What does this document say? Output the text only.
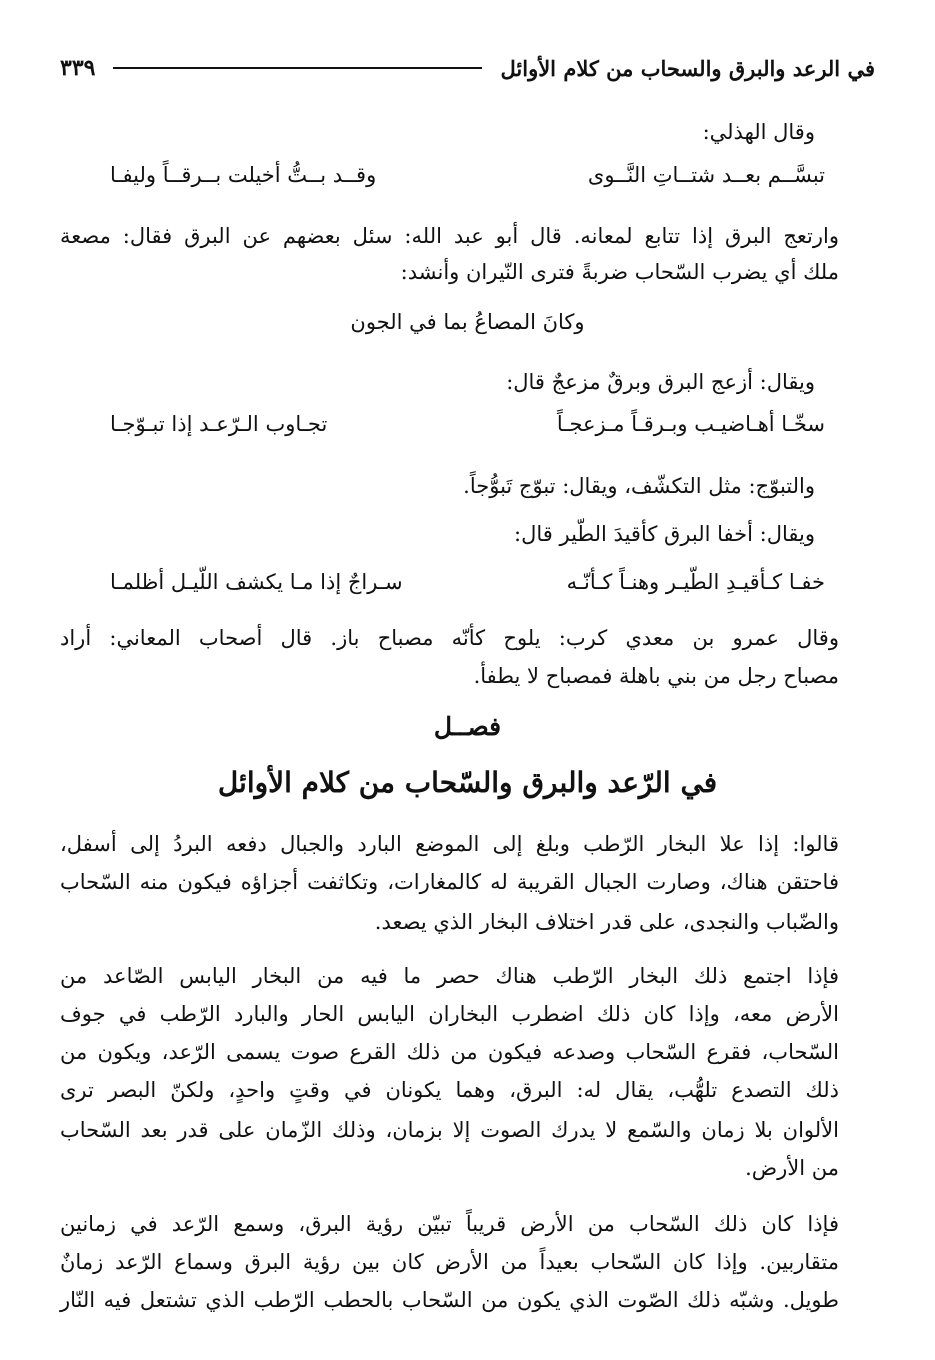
في الرعد والبرق والسحاب من كلام الأوائل
٣٣٩
وقال الهذلي:
تبسَّــم بعــد شتــاتِ النَّــوى
وقــد بــتُّ أخيلت بــرقــاً وليفـا
وارتعج البرق إذا تتابع لمعانه. قال أبو عبد الله: سئل بعضهم عن البرق فقال: مصعة
ملك أي يضرب السّحاب ضربةً فترى النّيران وأنشد:
وكانَ المصاعُ بما في الجون
ويقال: أزعج البرق وبرقٌ مزعجٌ قال:
سخّـا أهـاضيـب وبـرقـاً مـزعجـاً
تجـاوب الـرّعـد إذا تبـوّجـا
والتبوّج: مثل التكشّف، ويقال: تبوّج تَبوُّجاً.
ويقال: أخفا البرق كأقيدَ الطّير قال:
خفـا كـأقيـدِ الطّيـر وهنـاً كـأنّـه
سـراجٌ إذا مـا يكشف اللّيـل أظلمـا
وقال عمرو بن معدي كرب: يلوح كأنّه مصباح باز. قال أصحاب المعاني: أراد
مصباح رجل من بني باهلة فمصباح لا يطفأ.
فصــل
في الرّعد والبرق والسّحاب من كلام الأوائل
قالوا: إذا علا البخار الرّطب وبلغ إلى الموضع البارد والجبال دفعه البردُ إلى أسفل،
فاحتقن هناك، وصارت الجبال القريبة له كالمغارات، وتكاثفت أجزاؤه فيكون منه السّحاب
والضّباب والنجدى، على قدر اختلاف البخار الذي يصعد.
فإذا اجتمع ذلك البخار الرّطب هناك حصر ما فيه من البخار اليابس الصّاعد من
الأرض معه، وإذا كان ذلك اضطرب البخاران اليابس الحار والبارد الرّطب في جوف
السّحاب، فقرع السّحاب وصدعه فيكون من ذلك القرع صوت يسمى الرّعد، ويكون من
ذلك التصدع تلهُّب، يقال له: البرق، وهما يكونان في وقتٍ واحدٍ، ولكنّ البصر ترى
الألوان بلا زمان والسّمع لا يدرك الصوت إلا بزمان، وذلك الزّمان على قدر بعد السّحاب
من الأرض.
فإذا كان ذلك السّحاب من الأرض قريباً تبيّن رؤية البرق، وسمع الرّعد في زمانين
متقاربين. وإذا كان السّحاب بعيداً من الأرض كان بين رؤية البرق وسماع الرّعد زمانٌ
طويل. وشبّه ذلك الصّوت الذي يكون من السّحاب بالحطب الرّطب الذي تشتعل فيه النّار
